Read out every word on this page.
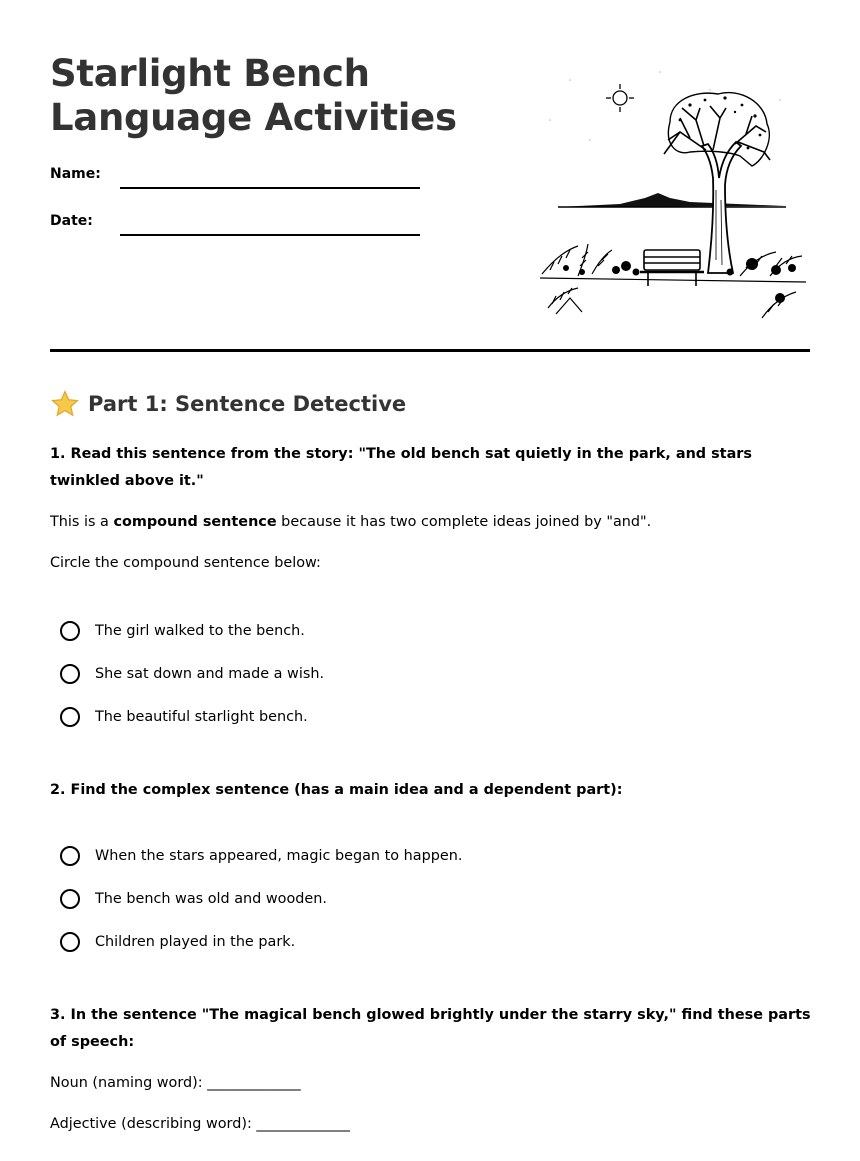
Starlight Bench
Language Activities
Name:
Date:
Part 1: Sentence Detective
1. Read this sentence from the story: "The old bench sat quietly in the park, and stars twinkled above it."
This is a compound sentence because it has two complete ideas joined by "and".
Circle the compound sentence below:
The girl walked to the bench.
She sat down and made a wish.
The beautiful starlight bench.
2. Find the complex sentence (has a main idea and a dependent part):
When the stars appeared, magic began to happen.
The bench was old and wooden.
Children played in the park.
3. In the sentence "The magical bench glowed brightly under the starry sky," find these parts of speech:
Noun (naming word): _____________
Adjective (describing word): _____________
